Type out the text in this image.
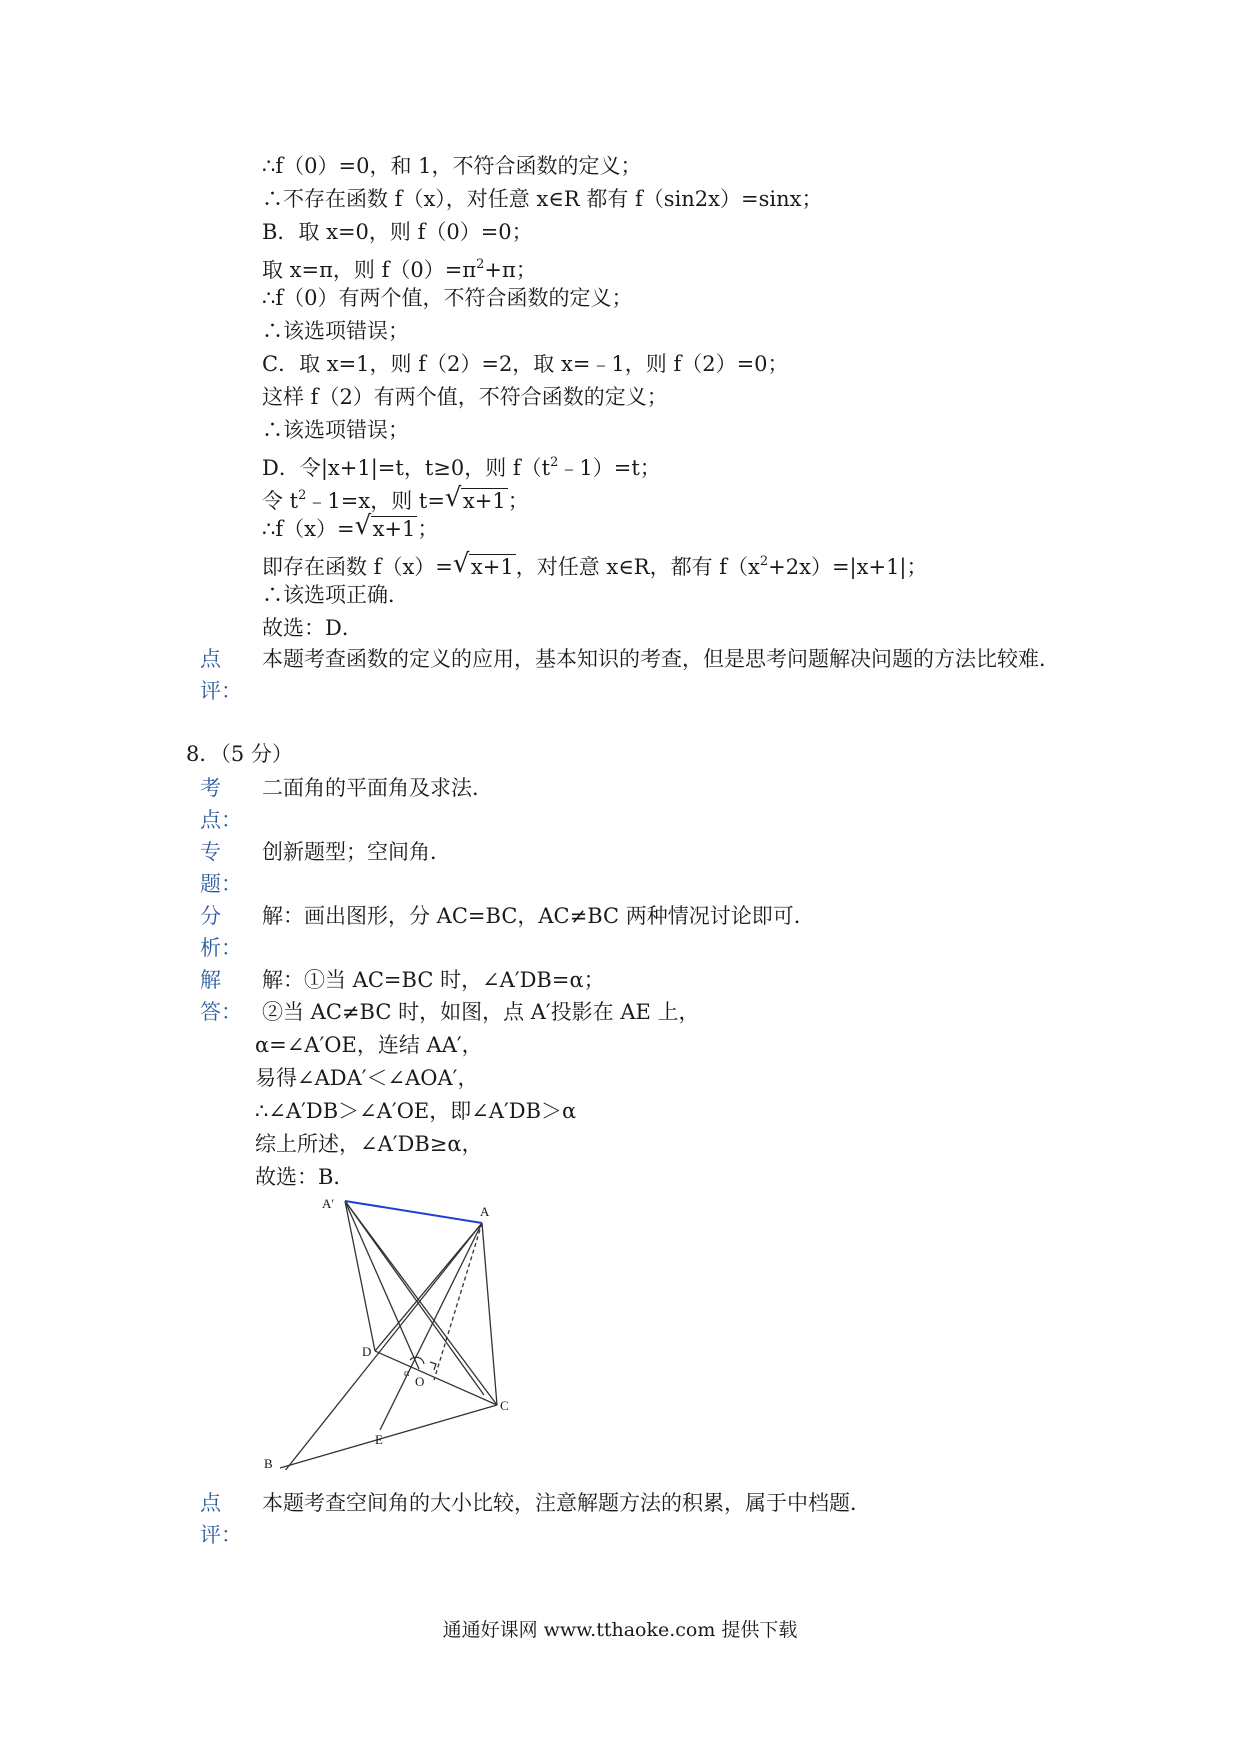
∴f（0）=0，和 1，不符合函数的定义；
∴不存在函数 f（x），对任意 x∈R 都有 f（sin2x）=sinx；
B．取 x=0，则 f（0）=0；
取 x=π，则 $f(0)=\pi^2+\pi$；
∴f（0）有两个值，不符合函数的定义；
∴该选项错误；
C．取 x=1，则 f（2）=2，取 x=﹣1，则 f（2）=0；
这样 f（2）有两个值，不符合函数的定义；
∴该选项错误；
D．令|x+1|=t，t≥0，则 $f(t^2﹣1)=t$；
令 $t^2﹣1=x$，则 t= √ x+1；
∴f（x）= √ x+1；
即存在函数 f（x）= √ x+1，对任意 x∈R，都有 $f(x^2+2x)=|x+1|$；
∴该选项正确．
故选：D．
点
评：
本题考查函数的定义的应用，基本知识的考查，但是思考问题解决问题的方法比较难．
8．（5 分）
考
点：
二面角的平面角及求法．
专
题：
创新题型；空间角．
分
析：
解：画出图形，分 AC=BC，AC≠BC 两种情况讨论即可．
解
答：
解：①当 AC=BC 时，∠A′DB=α；
②当 AC≠BC 时，如图，点 A′投影在 AE 上，
α=∠A′OE，连结 AA′，
易得∠ADA′＜∠AOA′，
∴∠A′DB＞∠A′OE，即∠A′DB＞α
综上所述，∠A′DB≥α，
故选：B．
A′
A
D
O
α
C
E
B
点
评：
本题考查空间角的大小比较，注意解题方法的积累，属于中档题．
通通好课网 www.tthaoke.com 提供下载
